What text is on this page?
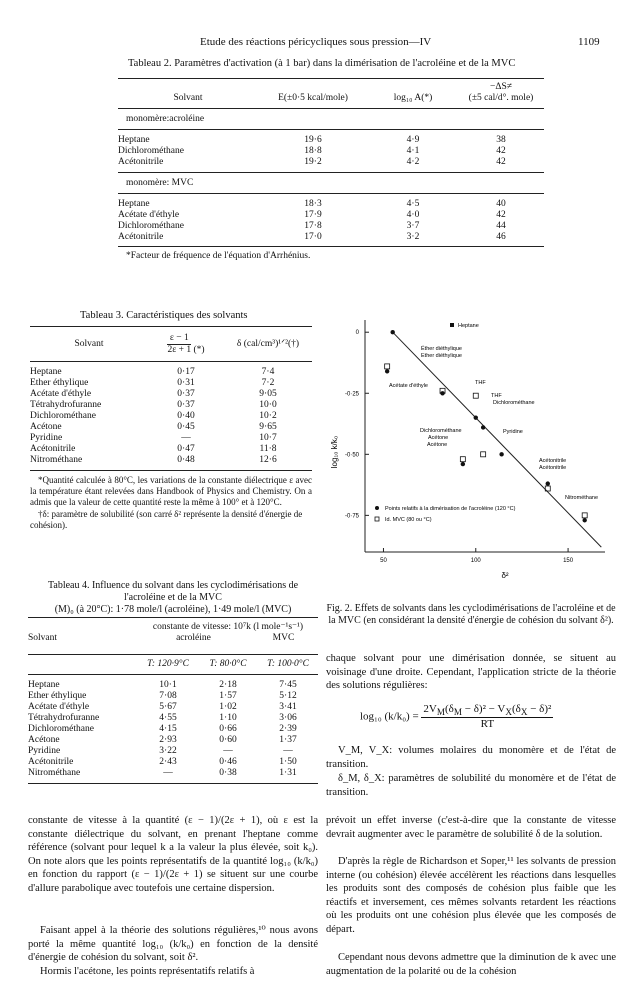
Etude des réactions péricycliques sous pression—IV	1109
Tableau 2. Paramètres d'activation (à 1 bar) dans la dimérisation de l'acroléine et de la MVC
			−ΔS≠
Solvant	E(±0·5 kcal/mole)	log₁₀ A(*)	(±5 cal/d°. mole)
monomère:acroléine
Heptane	19·6	4·9	38
Dichlorométhane	18·8	4·1	42
Acétonitrile	19·2	4·2	42
monomère: MVC
Heptane	18·3	4·5	40
Acétate d'éthyle	17·9	4·0	42
Dichlorométhane	17·8	3·7	44
Acétonitrile	17·0	3·2	46
*Facteur de fréquence de l'équation d'Arrhénius.
Tableau 3. Caractéristiques des solvants
Solvant	$\frac{\varepsilon - 1}{2\varepsilon + 1}$ (*)	δ (cal/cm³)¹ᐟ²(†)
Heptane	0·17	7·4
Ether éthylique	0·31	7·2
Acétate d'éthyle	0·37	9·05
Tétrahydrofuranne	0·37	10·0
Dichlorométhane	0·40	10·2
Acétone	0·45	9·65
Pyridine	—	10·7
Acétonitrile	0·47	11·8
Nitrométhane	0·48	12·6
*Quantité calculée à 80°C, les variations de la constante diélectrique ε avec la température étant relevées dans Handbook of Physics and Chemistry. On a admis que la valeur de cette quantité reste la même à 100° et à 120°C.
†δ: paramètre de solubilité (son carré δ² représente la densité d'énergie de cohésion).
Tableau 4. Influence du solvant dans les cyclodimérisations de l'acroléine et de la MVC
(M)₀ (à 20°C): 1·78 mole/l (acroléine), 1·49 mole/l (MVC)
	constante de vitesse: 10⁷k (l mole⁻¹s⁻¹)	
Solvant	acroléine	MVC
	T: 120·9°C	T: 80·0°C	T: 100·0°C
Heptane	10·1	2·18	7·45
Ether éthylique	7·08	1·57	5·12
Acétate d'éthyle	5·67	1·02	3·41
Tétrahydrofuranne	4·55	1·10	3·06
Dichlorométhane	4·15	0·66	2·39
Acétone	2·93	0·60	1·37
Pyridine	3·22	—	—
Acétonitrile	2·43	0·46	1·50
Nitrométhane	—	0·38	1·31
0
-0·25
-0·50
-0·75
50	100	150
log₁₀ k/k₀
δ²
Heptane
Points relatifs à la dimérisation de l'acroléine (120 °C)
Id. MVC (80 ou °C)
Éther diéthylique
Ether diéthylique
THF
THF
Acétate d'éthyle
Dichlorométhane
Dichlorométhane
Acétone
Acétone
Pyridine
Acétonitrile
Acétonitrile
Nitrométhane
Fig. 2. Effets de solvants dans les cyclodimérisations de l'acroléine et de la MVC (en considérant la densité d'énergie de cohésion du solvant δ²).
chaque solvant pour une dimérisation donnée, se situent au voisinage d'une droite. Cependant, l'application stricte de la théorie des solutions régulières:
log₁₀ $(k/k_0) = \frac{2V_M(\delta_M - \delta)^2 - V_X(\delta_X - \delta)^2}{RT}$
V_M, V_X: volumes molaires du monomère et de l'état de transition.
δ_M, δ_X: paramètres de solubilité du monomère et de l'état de transition.
constante de vitesse à la quantité (ε − 1)/(2ε + 1), où ε est la constante diélectrique du solvant, en prenant l'heptane comme référence (solvant pour lequel k a la valeur la plus élevée, soit k₀). On note alors que les points représentatifs de la quantité log₁₀ (k/k₀) en fonction du rapport (ε − 1)/(2ε + 1) se situent sur une courbe d'allure parabolique avec toutefois une certaine dispersion.
Faisant appel à la théorie des solutions régulières,¹⁰ nous avons porté la même quantité log₁₀ (k/k₀) en fonction de la densité d'énergie de cohésion du solvant, soit δ².
Hormis l'acétone, les points représentatifs relatifs à
prévoit un effet inverse (c'est-à-dire que la constante de vitesse devrait augmenter avec le paramètre de solubilité δ de la solution.
D'après la règle de Richardson et Soper,¹¹ les solvants de pression interne (ou cohésion) élevée accélèrent les réactions dans lesquelles les produits sont des composés de cohésion plus faible que les réactifs et inversement, ces mêmes solvants retardent les réactions où les produits ont une cohésion plus élevée que les composés de départ.
Cependant nous devons admettre que la diminution de k avec une augmentation de la polarité ou de la cohésion
